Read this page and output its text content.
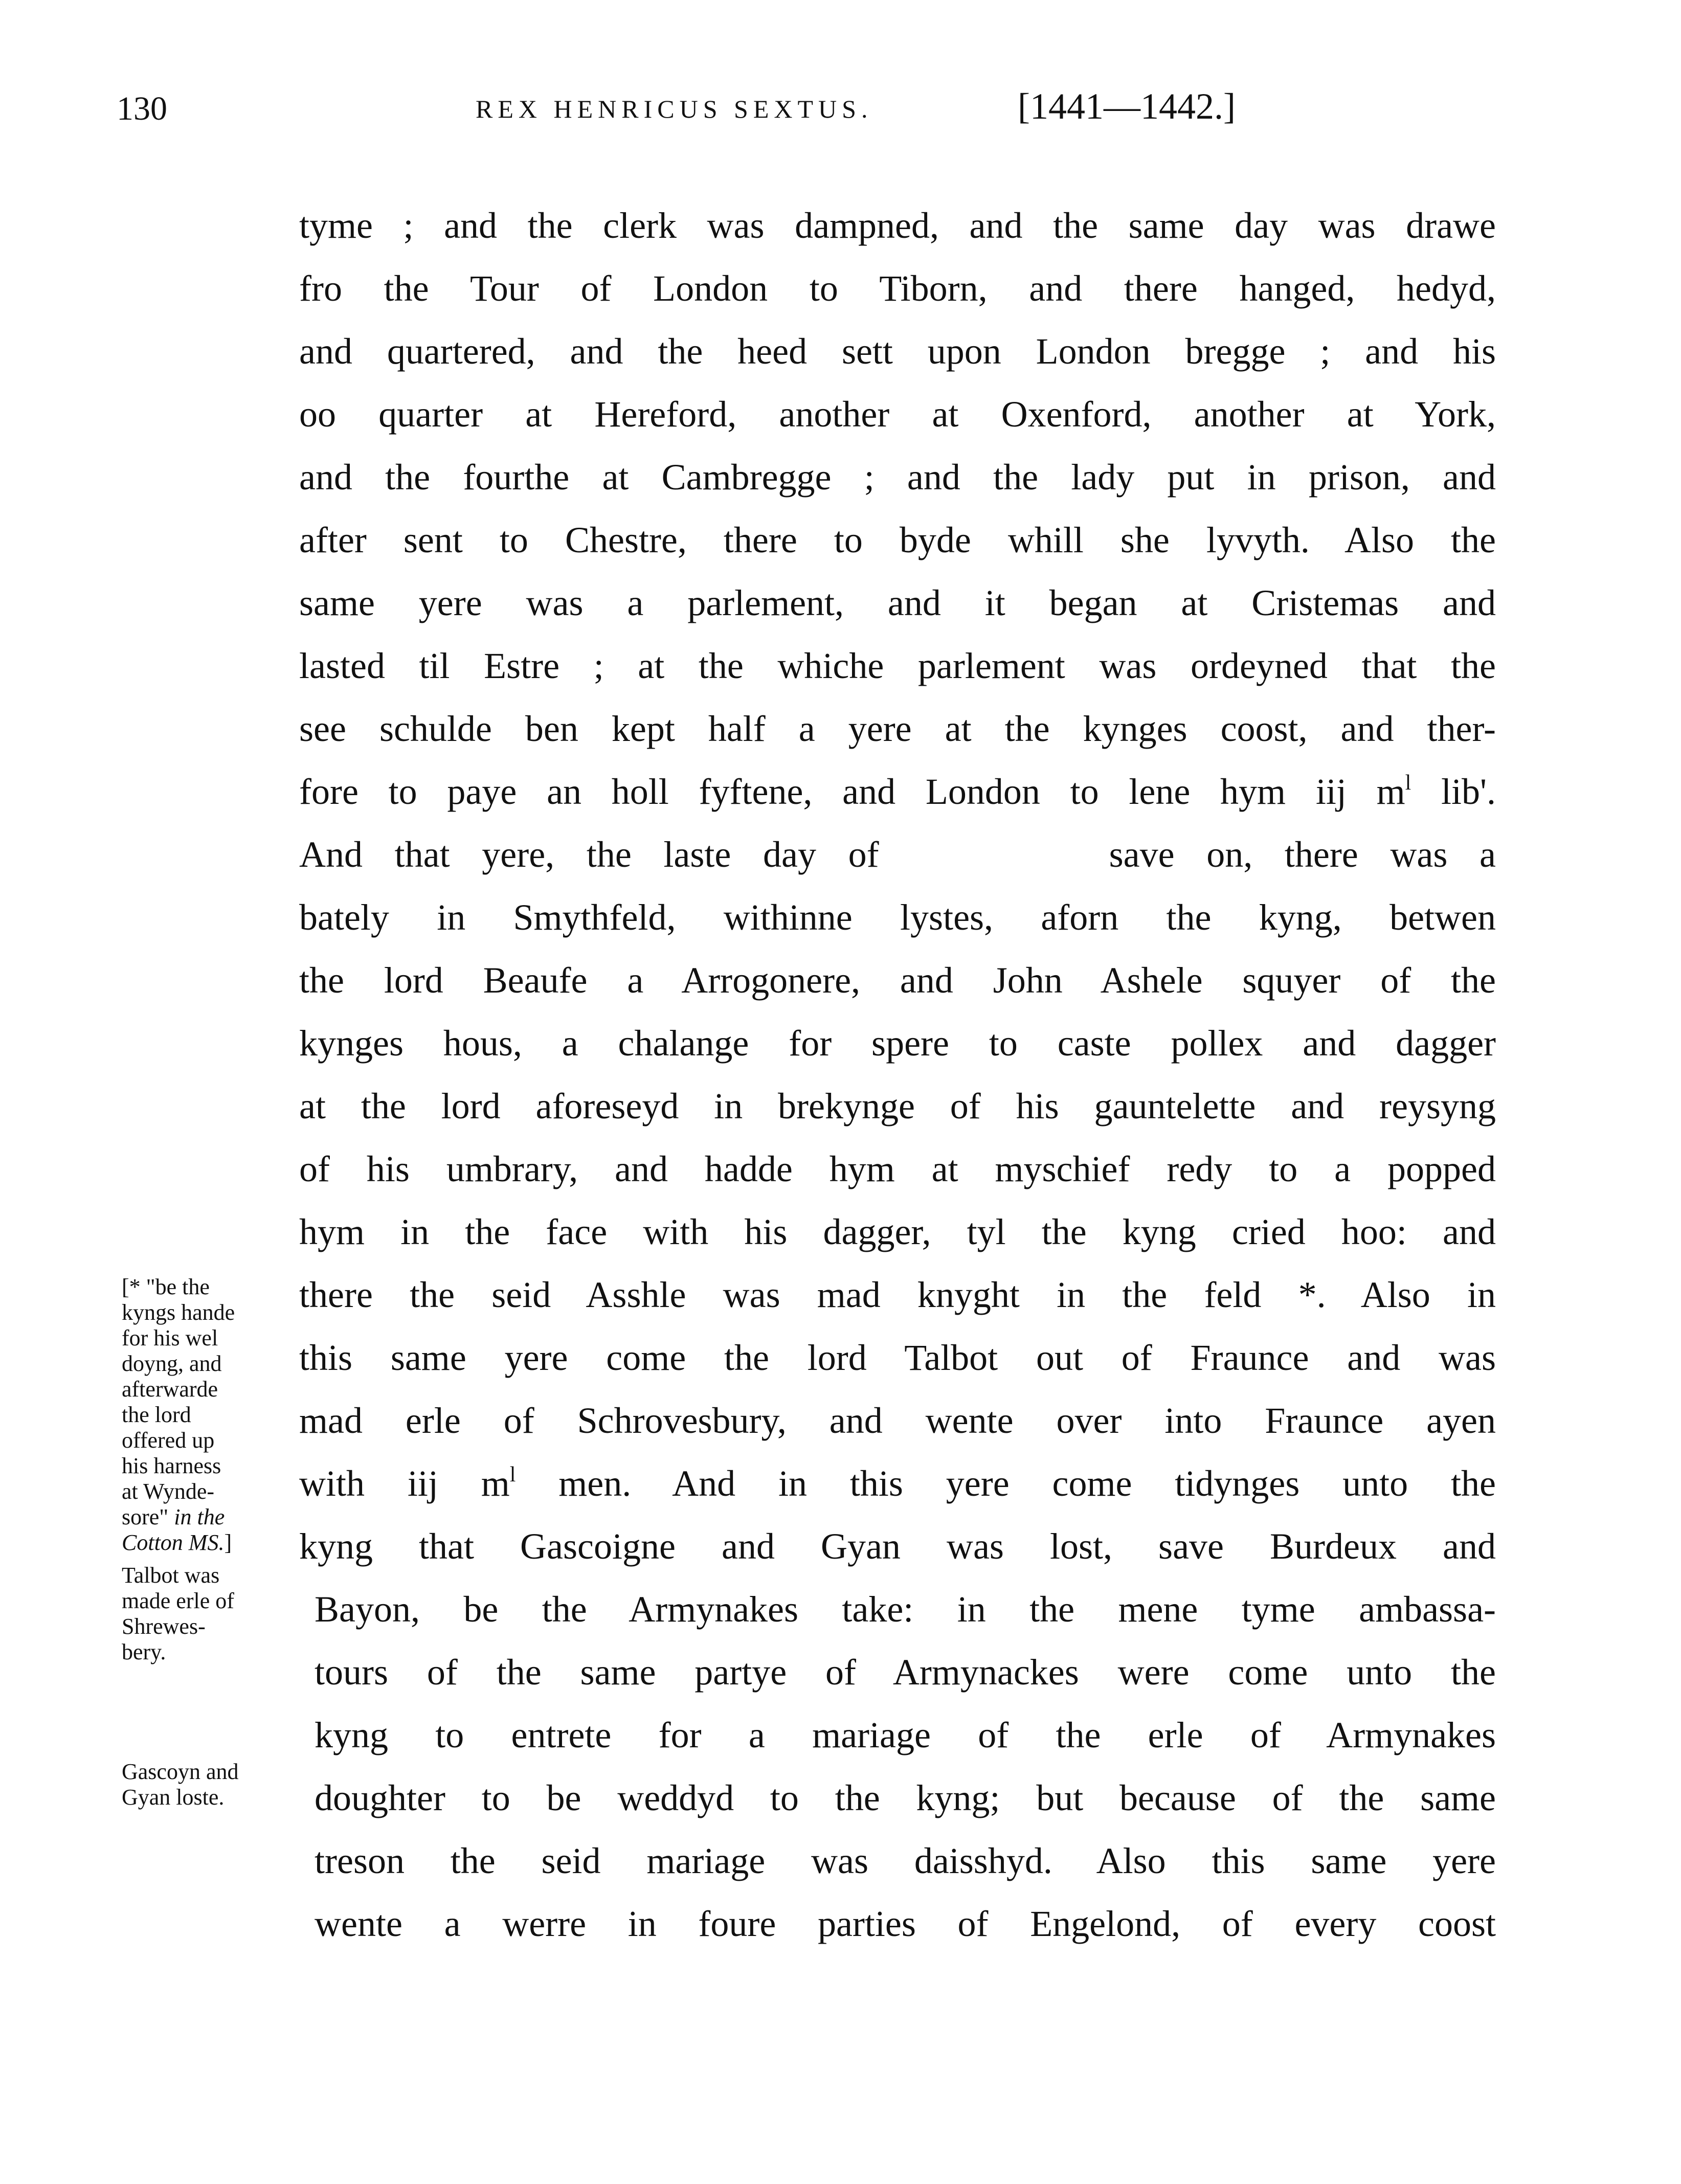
130	REX HENRICUS SEXTUS.	[1441—1442.]
tyme ; and the clerk was dampned, and the same day was drawe
fro the Tour of London to Tiborn, and there hanged, hedyd,
and quartered, and the heed sett upon London bregge ; and his
oo quarter at Hereford, another at Oxenford, another at York,
and the fourthe at Cambregge ; and the lady put in prison, and
after sent to Chestre, there to byde whill she lyvyth. Also the
same yere was a parlement, and it began at Cristemas and
lasted til Estre ; at the whiche parlement was ordeyned that the
see schulde ben kept half a yere at the kynges coost, and ther-
fore to paye an holl fyftene, and London to lene hym iij $m^l$ lib'.
And that yere, the laste day of	save on, there was a
bately in Smythfeld, withinne lystes, aforn the kyng, betwen
the lord Beaufe a Arrogonere, and John Ashele squyer of the
kynges hous, a chalange for spere to caste pollex and dagger
at the lord aforeseyd in brekynge of his gauntelette and reysyng
of his umbrary, and hadde hym at myschief redy to a popped
hym in the face with his dagger, tyl the kyng cried hoo: and
there the seid Asshle was mad knyght in the feld *. Also in
this same yere come the lord Talbot out of Fraunce and was
mad erle of Schrovesbury, and wente over into Fraunce ayen
with iij $m^l$ men. And in this yere come tidynges unto the
kyng that Gascoigne and Gyan was lost, save Burdeux and
Bayon, be the Armynakes take: in the mene tyme ambassa-
tours of the same partye of Armynackes were come unto the
kyng to entrete for a mariage of the erle of Armynakes
doughter to be weddyd to the kyng; but because of the same
treson the seid mariage was daisshyd. Also this same yere
wente a werre in foure parties of Engelond, of every coost
[* "be the
kyngs hande
for his wel
doyng, and
afterwarde
the lord
offered up
his harness
at Wynde-
sore" in the
Cotton MS.]
Talbot was
made erle of
Shrewes-
bery.
Gascoyn and
Gyan loste.
